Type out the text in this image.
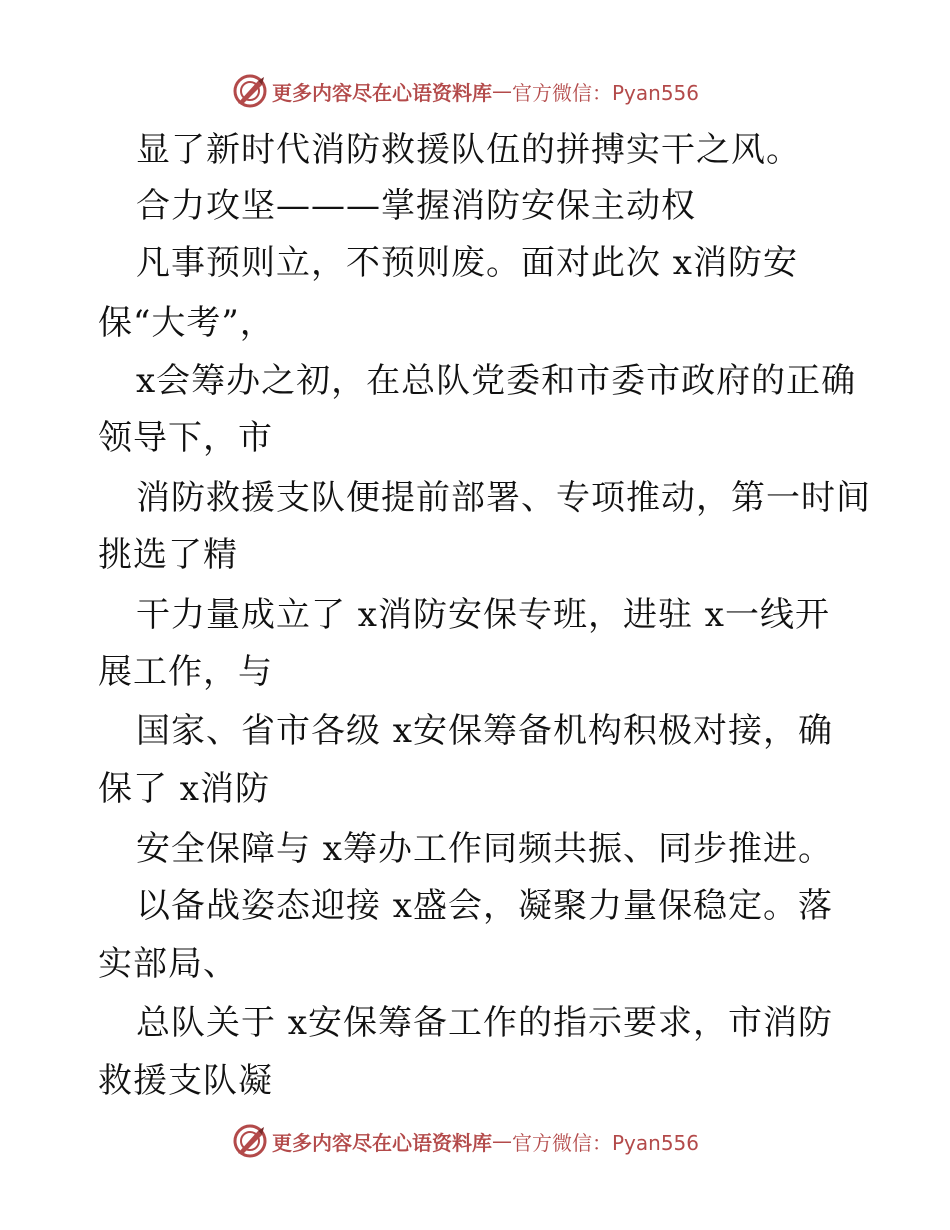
更多内容尽在心语资料库 — 官方微信：Pyan556
显了新时代消防救援队伍的拼搏实干之风。
合力攻坚———掌握消防安保主动权
凡事预则立，不预则废。面对此次 x消防安
保“大考”，
x会筹办之初，在总队党委和市委市政府的正确
领导下，市
消防救援支队便提前部署、专项推动，第一时间
挑选了精
干力量成立了 x消防安保专班，进驻 x一线开
展工作，与
国家、省市各级 x安保筹备机构积极对接，确
保了 x消防
安全保障与 x筹办工作同频共振、同步推进。
以备战姿态迎接 x盛会，凝聚力量保稳定。落
实部局、
总队关于 x安保筹备工作的指示要求，市消防
救援支队凝
更多内容尽在心语资料库 — 官方微信：Pyan556
